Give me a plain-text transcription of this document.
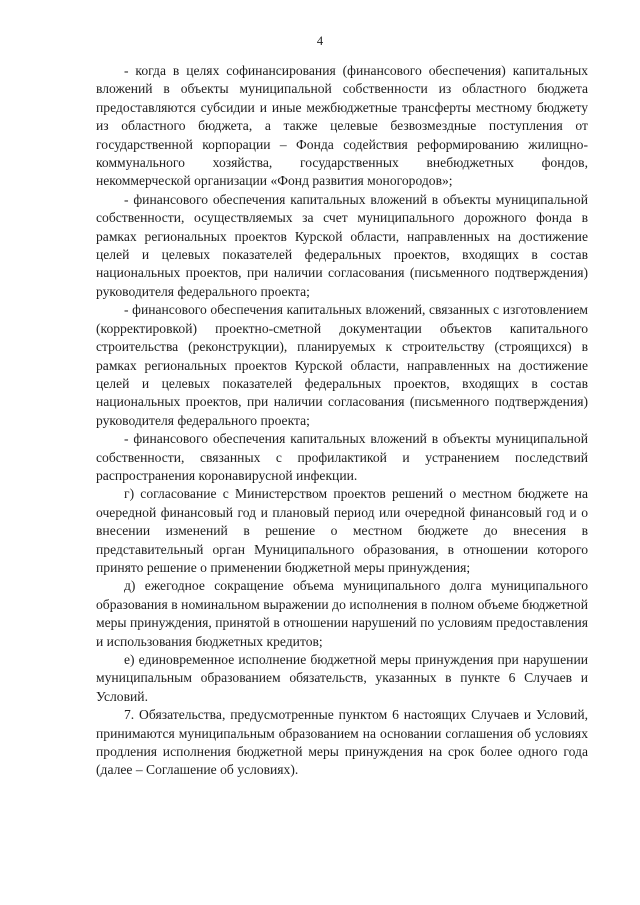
4

- когда в целях софинансирования (финансового обеспечения) капитальных вложений в объекты муниципальной собственности из областного бюджета предоставляются субсидии и иные межбюджетные трансферты местному бюджету из областного бюджета, а также целевые безвозмездные поступления от государственной корпорации – Фонда содействия реформированию жилищно-коммунального хозяйства, государственных внебюджетных фондов, некоммерческой организации «Фонд развития моногородов»;

- финансового обеспечения капитальных вложений в объекты муниципальной собственности, осуществляемых за счет муниципального дорожного фонда в рамках региональных проектов Курской области, направленных на достижение целей и целевых показателей федеральных проектов, входящих в состав национальных проектов, при наличии согласования (письменного подтверждения) руководителя федерального проекта;

- финансового обеспечения капитальных вложений, связанных с изготовлением (корректировкой) проектно-сметной документации объектов капитального строительства (реконструкции), планируемых к строительству (строящихся) в рамках региональных проектов Курской области, направленных на достижение целей и целевых показателей федеральных проектов, входящих в состав национальных проектов, при наличии согласования (письменного подтверждения) руководителя федерального проекта;

- финансового обеспечения капитальных вложений в объекты муниципальной собственности, связанных с профилактикой и устранением последствий распространения коронавирусной инфекции.

г) согласование с Министерством проектов решений о местном бюджете на очередной финансовый год и плановый период или очередной финансовый год и о внесении изменений в решение о местном бюджете до внесения в представительный орган Муниципального образования, в отношении которого принято решение о применении бюджетной меры принуждения;

д) ежегодное сокращение объема муниципального долга муниципального образования в номинальном выражении до исполнения в полном объеме бюджетной меры принуждения, принятой в отношении нарушений по условиям предоставления и использования бюджетных кредитов;

е) единовременное исполнение бюджетной меры принуждения при нарушении муниципальным образованием обязательств, указанных в пункте 6 Случаев и Условий.

7. Обязательства, предусмотренные пунктом 6 настоящих Случаев и Условий, принимаются муниципальным образованием на основании соглашения об условиях продления исполнения бюджетной меры принуждения на срок более одного года (далее – Соглашение об условиях).
